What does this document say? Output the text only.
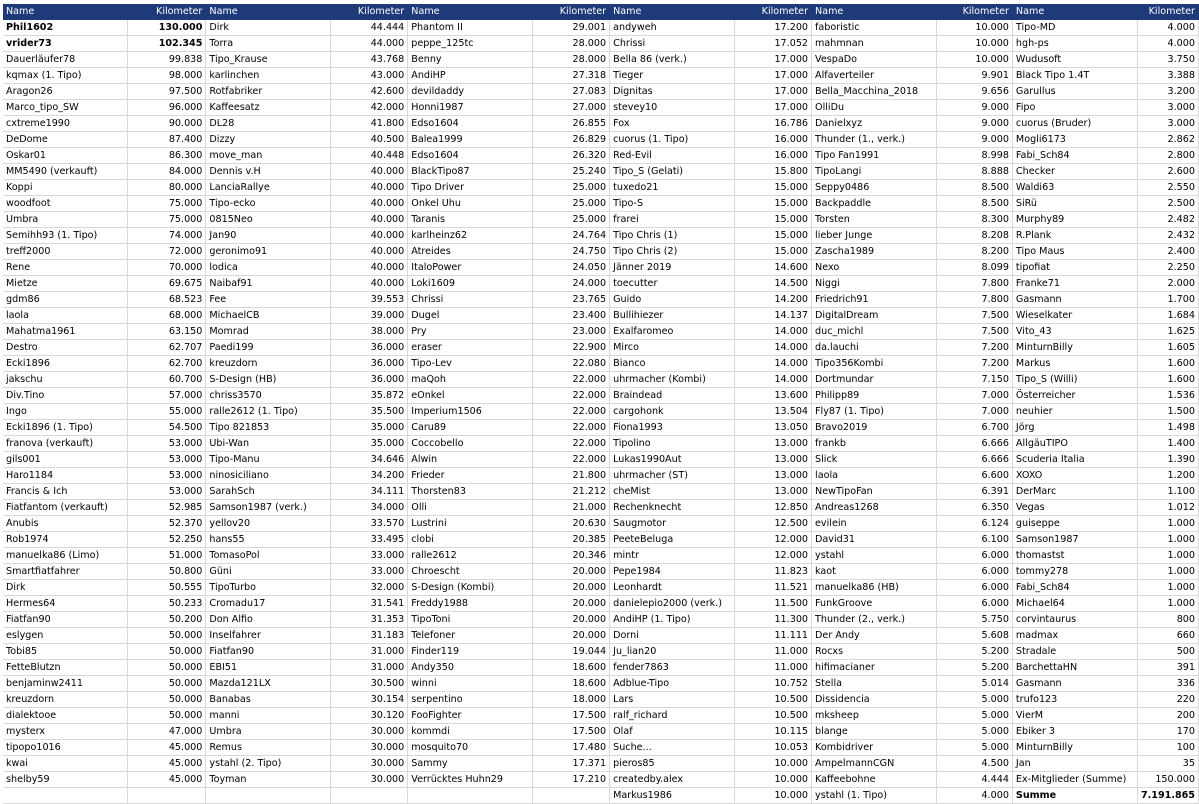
Name	Kilometer	Name	Kilometer	Name	Kilometer	Name	Kilometer	Name	Kilometer	Name	Kilometer
Phil1602	130.000	Dirk	44.444	Phantom II	29.001	andyweh	17.200	faboristic	10.000	Tipo-MD	4.000
vrider73	102.345	Torra	44.000	peppe_125tc	28.000	Chrissi	17.052	mahmnan	10.000	hgh-ps	4.000
Dauerläufer78	99.838	Tipo_Krause	43.768	Benny	28.000	Bella 86 (verk.)	17.000	VespaDo	10.000	Wudusoft	3.750
kqmax (1. Tipo)	98.000	karlinchen	43.000	AndiHP	27.318	Tieger	17.000	Alfaverteiler	9.901	Black Tipo 1.4T	3.388
Aragon26	97.500	Rotfabriker	42.600	devildaddy	27.083	Dignitas	17.000	Bella_Macchina_2018	9.656	Garullus	3.200
Marco_tipo_SW	96.000	Kaffeesatz	42.000	Honni1987	27.000	stevey10	17.000	OlliDu	9.000	Fipo	3.000
cxtreme1990	90.000	DL28	41.800	Edso1604	26.855	Fox	16.786	Danielxyz	9.000	cuorus (Bruder)	3.000
DeDome	87.400	Dizzy	40.500	Balea1999	26.829	cuorus (1. Tipo)	16.000	Thunder (1., verk.)	9.000	Mogli6173	2.862
Oskar01	86.300	move_man	40.448	Edso1604	26.320	Red-Evil	16.000	Tipo Fan1991	8.998	Fabi_Sch84	2.800
MM5490 (verkauft)	84.000	Dennis v.H	40.000	BlackTipo87	25.240	Tipo_S (Gelati)	15.800	TipoLangi	8.888	Checker	2.600
Koppi	80.000	LanciaRallye	40.000	Tipo Driver	25.000	tuxedo21	15.000	Seppy0486	8.500	Waldi63	2.550
woodfoot	75.000	Tipo-ecko	40.000	Onkel Uhu	25.000	Tipo-S	15.000	Backpaddle	8.500	SiRü	2.500
Umbra	75.000	0815Neo	40.000	Taranis	25.000	frarei	15.000	Torsten	8.300	Murphy89	2.482
Semihh93 (1. Tipo)	74.000	Jan90	40.000	karlheinz62	24.764	Tipo Chris (1)	15.000	lieber Junge	8.208	R.Plank	2.432
treff2000	72.000	geronimo91	40.000	Atreides	24.750	Tipo Chris (2)	15.000	Zascha1989	8.200	Tipo Maus	2.400
Rene	70.000	lodica	40.000	ItaloPower	24.050	Jänner 2019	14.600	Nexo	8.099	tipofiat	2.250
Mietze	69.675	Naibaf91	40.000	Loki1609	24.000	toecutter	14.500	Niggi	7.800	Franke71	2.000
gdm86	68.523	Fee	39.553	Chrissi	23.765	Guido	14.200	Friedrich91	7.800	Gasmann	1.700
laola	68.000	MichaelCB	39.000	Dugel	23.400	Bullihiezer	14.137	DigitalDream	7.500	Wieselkater	1.684
Mahatma1961	63.150	Momrad	38.000	Pry	23.000	Exalfaromeo	14.000	duc_michl	7.500	Vito_43	1.625
Destro	62.707	Paedi199	36.000	eraser	22.900	Mirco	14.000	da.lauchi	7.200	MinturnBilly	1.605
Ecki1896	62.700	kreuzdorn	36.000	Tipo-Lev	22.080	Bianco	14.000	Tipo356Kombi	7.200	Markus	1.600
jakschu	60.700	S-Design (HB)	36.000	maQoh	22.000	uhrmacher (Kombi)	14.000	Dortmundar	7.150	Tipo_S (Willi)	1.600
Div.Tino	57.000	chriss3570	35.872	eOnkel	22.000	Braindead	13.600	Philipp89	7.000	Österreicher	1.536
Ingo	55.000	ralle2612 (1. Tipo)	35.500	Imperium1506	22.000	cargohonk	13.504	Fly87 (1. Tipo)	7.000	neuhier	1.500
Ecki1896 (1. Tipo)	54.500	Tipo 821853	35.000	Caru89	22.000	Fiona1993	13.050	Bravo2019	6.700	Jörg	1.498
franova (verkauft)	53.000	Ubi-Wan	35.000	Coccobello	22.000	Tipolino	13.000	frankb	6.666	AllgäuTIPO	1.400
gils001	53.000	Tipo-Manu	34.646	Alwin	22.000	Lukas1990Aut	13.000	Slick	6.666	Scuderia Italia	1.390
Haro1184	53.000	ninosiciliano	34.200	Frieder	21.800	uhrmacher (ST)	13.000	laola	6.600	XOXO	1.200
Francis & Ich	53.000	SarahSch	34.111	Thorsten83	21.212	cheMist	13.000	NewTipoFan	6.391	DerMarc	1.100
Fiatfantom (verkauft)	52.985	Samson1987 (verk.)	34.000	Olli	21.000	Rechenknecht	12.850	Andreas1268	6.350	Vegas	1.012
Anubis	52.370	yellov20	33.570	Lustrini	20.630	Saugmotor	12.500	evilein	6.124	guiseppe	1.000
Rob1974	52.250	hans55	33.495	clobi	20.385	PeeteBeluga	12.000	David31	6.100	Samson1987	1.000
manuelka86 (Limo)	51.000	TomasoPol	33.000	ralle2612	20.346	mintr	12.000	ystahl	6.000	thomastst	1.000
Smartfiatfahrer	50.800	Güni	33.000	Chroescht	20.000	Pepe1984	11.823	kaot	6.000	tommy278	1.000
Dirk	50.555	TipoTurbo	32.000	S-Design (Kombi)	20.000	Leonhardt	11.521	manuelka86 (HB)	6.000	Fabi_Sch84	1.000
Hermes64	50.233	Cromadu17	31.541	Freddy1988	20.000	danielepio2000 (verk.)	11.500	FunkGroove	6.000	Michael64	1.000
Fiatfan90	50.200	Don Alfio	31.353	TipoToni	20.000	AndiHP (1. Tipo)	11.300	Thunder (2., verk.)	5.750	corvintaurus	800
eslygen	50.000	Inselfahrer	31.183	Telefoner	20.000	Dorni	11.111	Der Andy	5.608	madmax	660
Tobi85	50.000	Fiatfan90	31.000	Finder119	19.044	Ju_lian20	11.000	Rocxs	5.200	Stradale	500
FetteBlutzn	50.000	EBI51	31.000	Andy350	18.600	fender7863	11.000	hifimacianer	5.200	BarchettaHN	391
benjaminw2411	50.000	Mazda121LX	30.500	winni	18.600	Adblue-Tipo	10.752	Stella	5.014	Gasmann	336
kreuzdorn	50.000	Banabas	30.154	serpentino	18.000	Lars	10.500	Dissidencia	5.000	trufo123	220
dialektooe	50.000	manni	30.120	FooFighter	17.500	ralf_richard	10.500	mksheep	5.000	VierM	200
mysterx	47.000	Umbra	30.000	kommdi	17.500	Olaf	10.115	blange	5.000	Ebiker 3	170
tipopo1016	45.000	Remus	30.000	mosquito70	17.480	Suche...	10.053	Kombidriver	5.000	MinturnBilly	100
kwai	45.000	ystahl (2. Tipo)	30.000	Sammy	17.371	pieros85	10.000	AmpelmannCGN	4.500	Jan	35
shelby59	45.000	Toyman	30.000	Verrücktes Huhn29	17.210	createdby.alex	10.000	Kaffeebohne	4.444	Ex-Mitglieder (Summe)	150.000
						Markus1986	10.000	ystahl (1. Tipo)	4.000	Summe	7.191.865
